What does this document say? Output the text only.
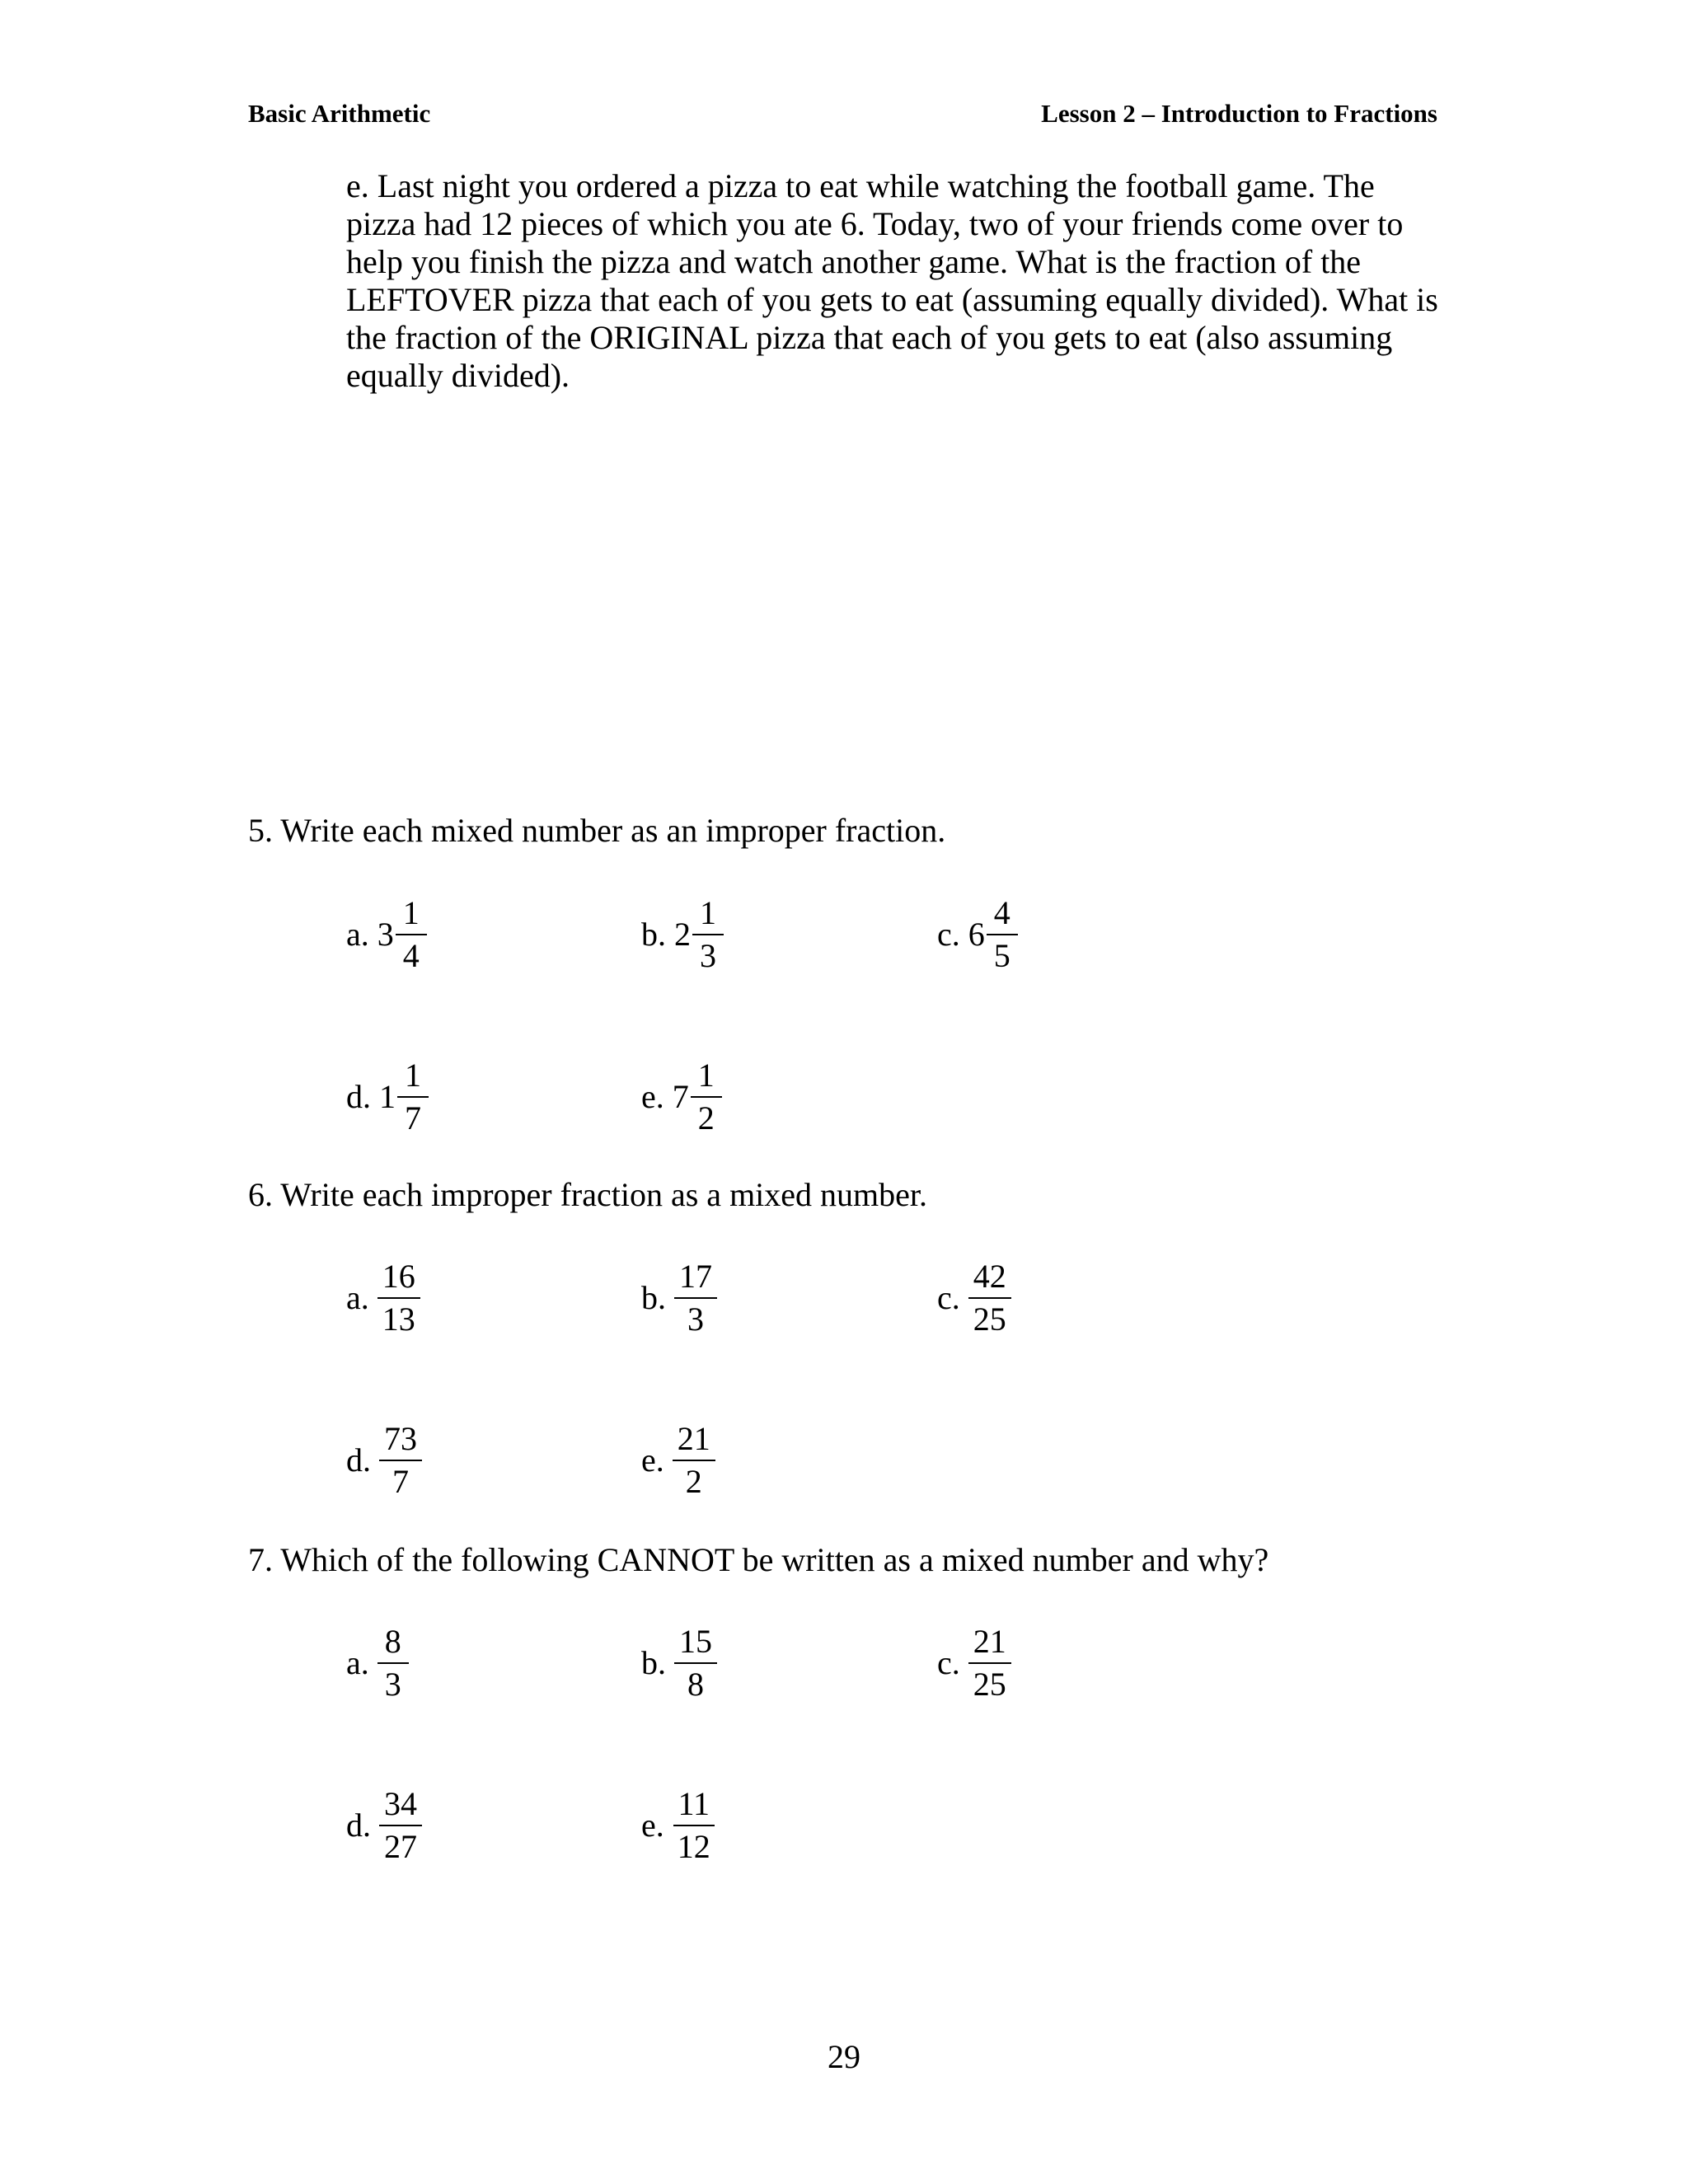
Basic Arithmetic	Lesson 2 – Introduction to Fractions

e. Last night you ordered a pizza to eat while watching the football game. The pizza had 12 pieces of which you ate 6. Today, two of your friends come over to help you finish the pizza and watch another game. What is the fraction of the LEFTOVER pizza that each of you gets to eat (assuming equally divided). What is the fraction of the ORIGINAL pizza that each of you gets to eat (also assuming equally divided).

5. Write each mixed number as an improper fraction.

a. $3 \frac{1}{4}$	b. $2 \frac{1}{3}$	c. $6 \frac{4}{5}$
d. $1 \frac{1}{7}$	e. $7 \frac{1}{2}$

6. Write each improper fraction as a mixed number.

a. $\frac{16}{13}$	b. $\frac{17}{3}$	c. $\frac{42}{25}$
d. $\frac{73}{7}$	e. $\frac{21}{2}$

7. Which of the following CANNOT be written as a mixed number and why?

a. $\frac{8}{3}$	b. $\frac{15}{8}$	c. $\frac{21}{25}$
d. $\frac{34}{27}$	e. $\frac{11}{12}$
29
